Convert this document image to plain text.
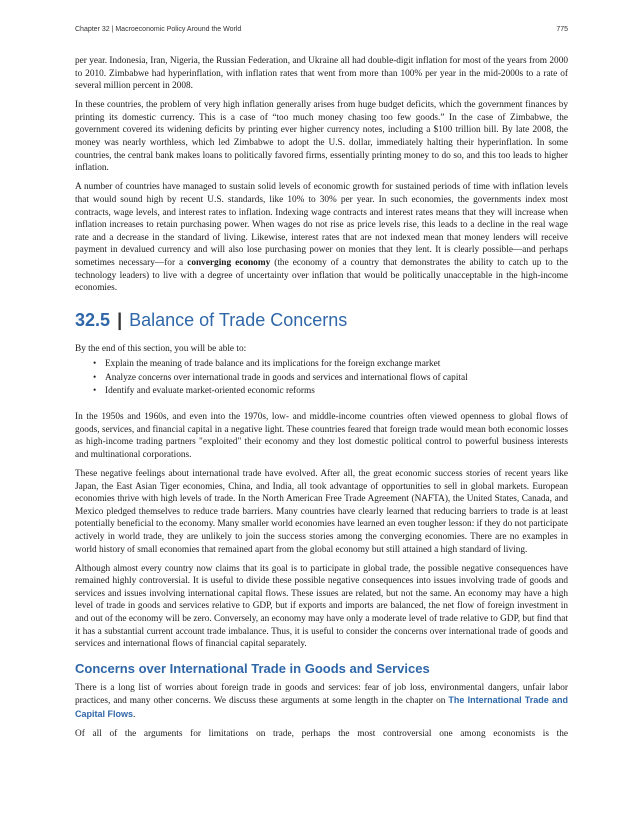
Chapter 32 | Macroeconomic Policy Around the World	775

per year. Indonesia, Iran, Nigeria, the Russian Federation, and Ukraine all had double-digit inflation for most of the years from 2000 to 2010. Zimbabwe had hyperinflation, with inflation rates that went from more than 100% per year in the mid-2000s to a rate of several million percent in 2008.

In these countries, the problem of very high inflation generally arises from huge budget deficits, which the government finances by printing its domestic currency. This is a case of “too much money chasing too few goods.” In the case of Zimbabwe, the government covered its widening deficits by printing ever higher currency notes, including a $100 trillion bill. By late 2008, the money was nearly worthless, which led Zimbabwe to adopt the U.S. dollar, immediately halting their hyperinflation. In some countries, the central bank makes loans to politically favored firms, essentially printing money to do so, and this too leads to higher inflation.

A number of countries have managed to sustain solid levels of economic growth for sustained periods of time with inflation levels that would sound high by recent U.S. standards, like 10% to 30% per year. In such economies, the governments index most contracts, wage levels, and interest rates to inflation. Indexing wage contracts and interest rates means that they will increase when inflation increases to retain purchasing power. When wages do not rise as price levels rise, this leads to a decline in the real wage rate and a decrease in the standard of living. Likewise, interest rates that are not indexed mean that money lenders will receive payment in devalued currency and will also lose purchasing power on monies that they lent. It is clearly possible—and perhaps sometimes necessary—for a converging economy (the economy of a country that demonstrates the ability to catch up to the technology leaders) to live with a degree of uncertainty over inflation that would be politically unacceptable in the high-income economies.

32.5 | Balance of Trade Concerns

By the end of this section, you will be able to:

• Explain the meaning of trade balance and its implications for the foreign exchange market
• Analyze concerns over international trade in goods and services and international flows of capital
• Identify and evaluate market-oriented economic reforms

In the 1950s and 1960s, and even into the 1970s, low- and middle-income countries often viewed openness to global flows of goods, services, and financial capital in a negative light. These countries feared that foreign trade would mean both economic losses as high-income trading partners "exploited" their economy and they lost domestic political control to powerful business interests and multinational corporations.

These negative feelings about international trade have evolved. After all, the great economic success stories of recent years like Japan, the East Asian Tiger economies, China, and India, all took advantage of opportunities to sell in global markets. European economies thrive with high levels of trade. In the North American Free Trade Agreement (NAFTA), the United States, Canada, and Mexico pledged themselves to reduce trade barriers. Many countries have clearly learned that reducing barriers to trade is at least potentially beneficial to the economy. Many smaller world economies have learned an even tougher lesson: if they do not participate actively in world trade, they are unlikely to join the success stories among the converging economies. There are no examples in world history of small economies that remained apart from the global economy but still attained a high standard of living.

Although almost every country now claims that its goal is to participate in global trade, the possible negative consequences have remained highly controversial. It is useful to divide these possible negative consequences into issues involving trade of goods and services and issues involving international capital flows. These issues are related, but not the same. An economy may have a high level of trade in goods and services relative to GDP, but if exports and imports are balanced, the net flow of foreign investment in and out of the economy will be zero. Conversely, an economy may have only a moderate level of trade relative to GDP, but find that it has a substantial current account trade imbalance. Thus, it is useful to consider the concerns over international trade of goods and services and international flows of financial capital separately.

Concerns over International Trade in Goods and Services

There is a long list of worries about foreign trade in goods and services: fear of job loss, environmental dangers, unfair labor practices, and many other concerns. We discuss these arguments at some length in the chapter on The International Trade and Capital Flows.

Of all of the arguments for limitations on trade, perhaps the most controversial one among economists is the
